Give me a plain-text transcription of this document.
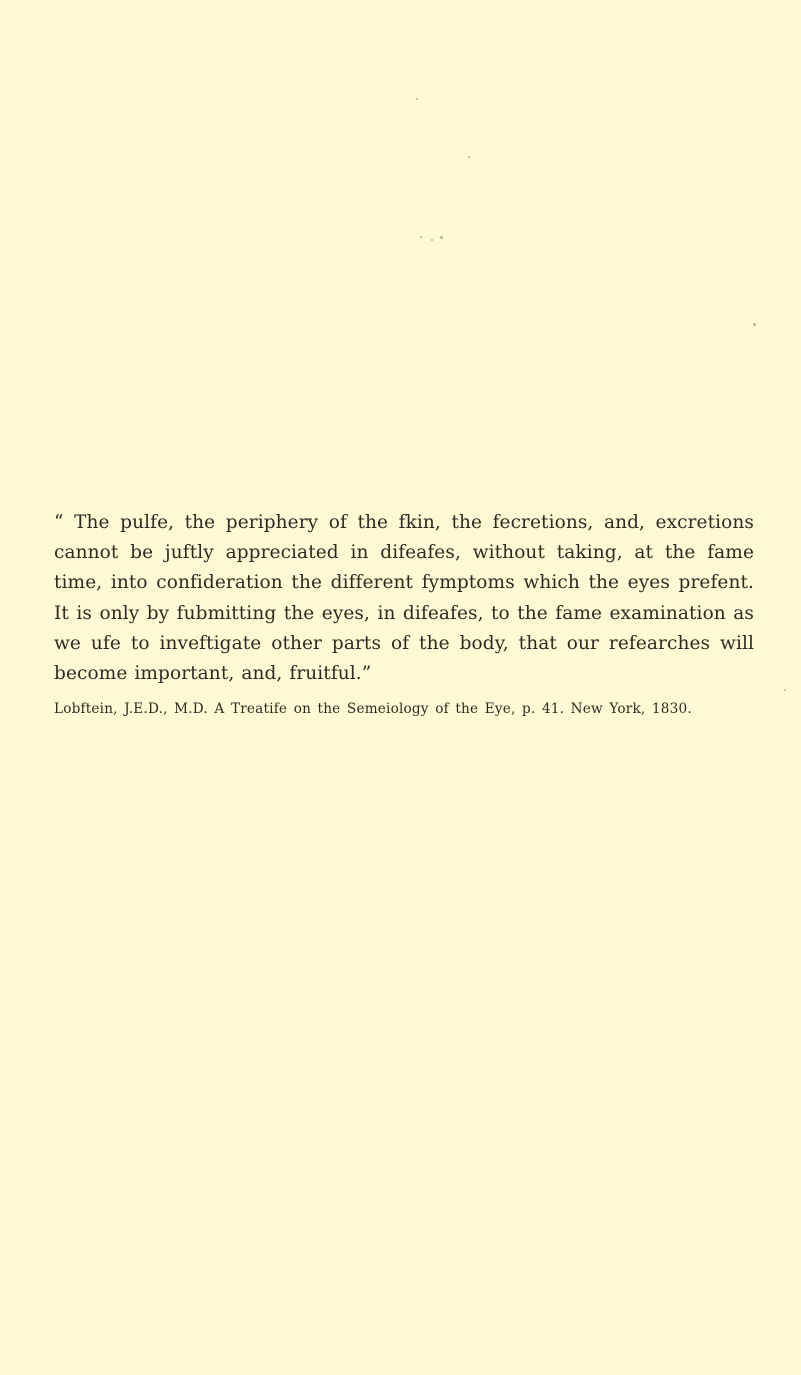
“ The pulfe, the periphery of the fkin, the fecretions, and, excretions cannot be juftly appreciated in difeafes, without taking, at the fame time, into confideration the different fymptoms which the eyes prefent. It is only by fubmitting the eyes, in difeafes, to the fame examination as we ufe to inveftigate other parts of the body, that our refearches will become important, and, fruitful.”

Lobftein, J.E.D., M.D. A Treatife on the Semeiology of the Eye, p. 41. New York, 1830.
